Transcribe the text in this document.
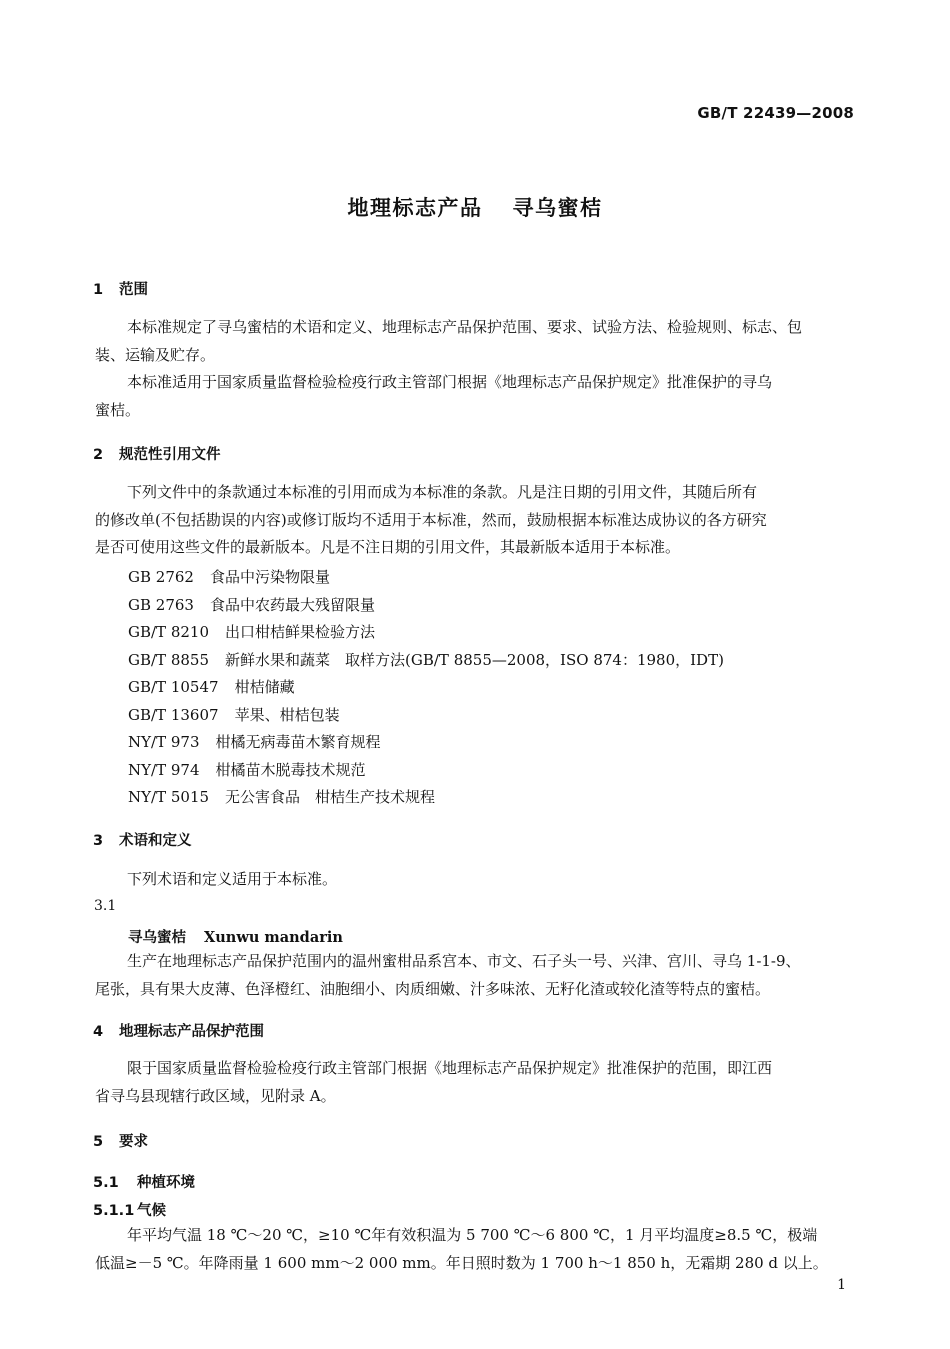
GB/T 22439—2008
地理标志产品 寻乌蜜桔
1 范围
本标准规定了寻乌蜜桔的术语和定义、地理标志产品保护范围、要求、试验方法、检验规则、标志、包
装、运输及贮存。
本标准适用于国家质量监督检验检疫行政主管部门根据《地理标志产品保护规定》批准保护的寻乌
蜜桔。
2 规范性引用文件
下列文件中的条款通过本标准的引用而成为本标准的条款。凡是注日期的引用文件，其随后所有
的修改单(不包括勘误的内容)或修订版均不适用于本标准，然而，鼓励根据本标准达成协议的各方研究
是否可使用这些文件的最新版本。凡是不注日期的引用文件，其最新版本适用于本标准。
GB 2762 食品中污染物限量
GB 2763 食品中农药最大残留限量
GB/T 8210 出口柑桔鲜果检验方法
GB/T 8855 新鲜水果和蔬菜　取样方法(GB/T 8855—2008，ISO 874：1980，IDT)
GB/T 10547 柑桔储藏
GB/T 13607 苹果、柑桔包装
NY/T 973 柑橘无病毒苗木繁育规程
NY/T 974 柑橘苗木脱毒技术规范
NY/T 5015 无公害食品　柑桔生产技术规程
3 术语和定义
下列术语和定义适用于本标准。
3.1
寻乌蜜桔 Xunwu mandarin
生产在地理标志产品保护范围内的温州蜜柑品系宫本、市文、石子头一号、兴津、宫川、寻乌 1-1-9、
尾张，具有果大皮薄、色泽橙红、油胞细小、肉质细嫩、汁多味浓、无籽化渣或较化渣等特点的蜜桔。
4 地理标志产品保护范围
限于国家质量监督检验检疫行政主管部门根据《地理标志产品保护规定》批准保护的范围，即江西
省寻乌县现辖行政区域，见附录 A。
5 要求
5.1 种植环境
5.1.1 气候
年平均气温 18 ℃～20 ℃，≥10 ℃年有效积温为 5 700 ℃～6 800 ℃，1 月平均温度≥8.5 ℃，极端
低温≥－5 ℃。年降雨量 1 600 mm～2 000 mm。年日照时数为 1 700 h～1 850 h，无霜期 280 d 以上。
1
